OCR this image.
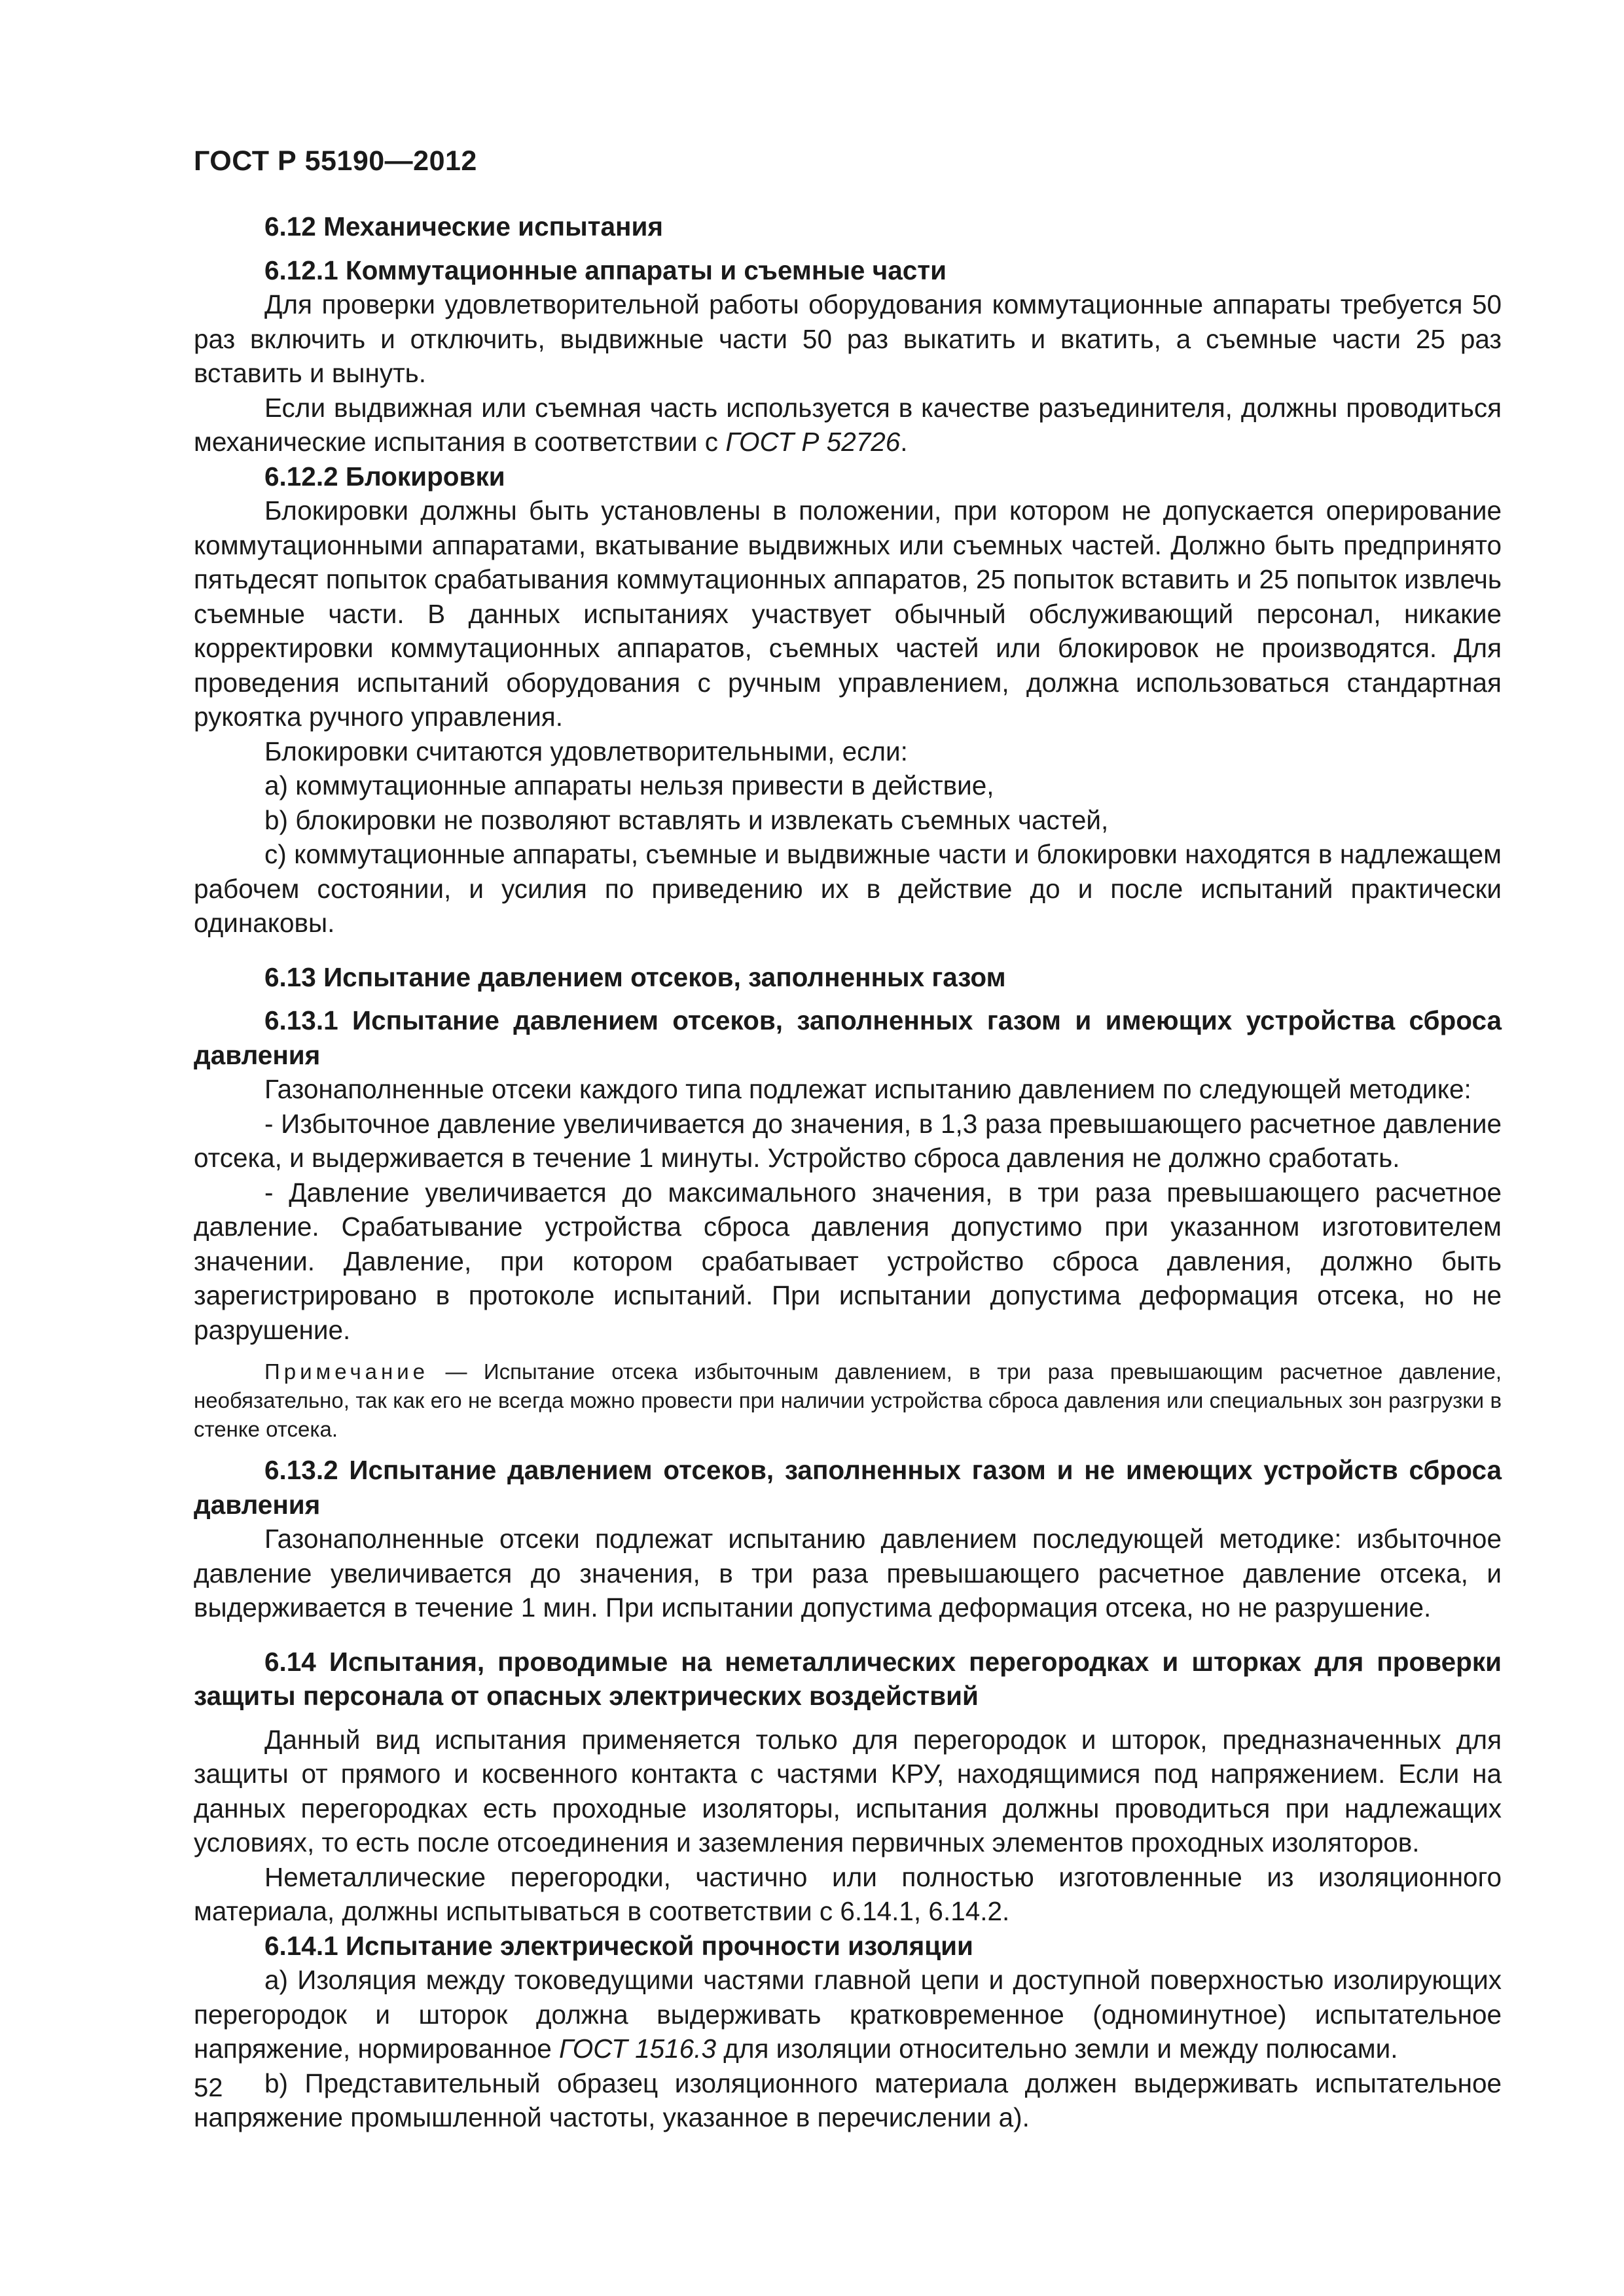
ГОСТ Р 55190—2012

6.12 Механические испытания

6.12.1 Коммутационные аппараты и съемные части

Для проверки удовлетворительной работы оборудования коммутационные аппараты требуется 50 раз включить и отключить, выдвижные части 50 раз выкатить и вкатить, а съемные части 25 раз вставить и вынуть.

Если выдвижная или съемная часть используется в качестве разъединителя, должны проводиться механические испытания в соответствии с ГОСТ Р 52726.

6.12.2 Блокировки

Блокировки должны быть установлены в положении, при котором не допускается оперирование коммутационными аппаратами, вкатывание выдвижных или съемных частей. Должно быть предпринято пятьдесят попыток срабатывания коммутационных аппаратов, 25 попыток вставить и 25 попыток извлечь съемные части. В данных испытаниях участвует обычный обслуживающий персонал, никакие корректировки коммутационных аппаратов, съемных частей или блокировок не производятся. Для проведения испытаний оборудования с ручным управлением, должна использоваться стандартная рукоятка ручного управления.

Блокировки считаются удовлетворительными, если:

a) коммутационные аппараты нельзя привести в действие,

b) блокировки не позволяют вставлять и извлекать съемных частей,

c) коммутационные аппараты, съемные и выдвижные части и блокировки находятся в надлежащем рабочем состоянии, и усилия по приведению их в действие до и после испытаний практически одинаковы.

6.13 Испытание давлением отсеков, заполненных газом

6.13.1 Испытание давлением отсеков, заполненных газом и имеющих устройства сброса давления

Газонаполненные отсеки каждого типа подлежат испытанию давлением по следующей методике:

- Избыточное давление увеличивается до значения, в 1,3 раза превышающего расчетное давление отсека, и выдерживается в течение 1 минуты. Устройство сброса давления не должно сработать.

- Давление увеличивается до максимального значения, в три раза превышающего расчетное давление. Срабатывание устройства сброса давления допустимо при указанном изготовителем значении. Давление, при котором срабатывает устройство сброса давления, должно быть зарегистрировано в протоколе испытаний. При испытании допустима деформация отсека, но не разрушение.

Примечание — Испытание отсека избыточным давлением, в три раза превышающим расчетное давление, необязательно, так как его не всегда можно провести при наличии устройства сброса давления или специальных зон разгрузки в стенке отсека.

6.13.2 Испытание давлением отсеков, заполненных газом и не имеющих устройств сброса давления

Газонаполненные отсеки подлежат испытанию давлением последующей методике: избыточное давление увеличивается до значения, в три раза превышающего расчетное давление отсека, и выдерживается в течение 1 мин. При испытании допустима деформация отсека, но не разрушение.

6.14 Испытания, проводимые на неметаллических перегородках и шторках для проверки защиты персонала от опасных электрических воздействий

Данный вид испытания применяется только для перегородок и шторок, предназначенных для защиты от прямого и косвенного контакта с частями КРУ, находящимися под напряжением. Если на данных перегородках есть проходные изоляторы, испытания должны проводиться при надлежащих условиях, то есть после отсоединения и заземления первичных элементов проходных изоляторов.

Неметаллические перегородки, частично или полностью изготовленные из изоляционного материала, должны испытываться в соответствии с 6.14.1, 6.14.2.

6.14.1 Испытание электрической прочности изоляции

a) Изоляция между токоведущими частями главной цепи и доступной поверхностью изолирующих перегородок и шторок должна выдерживать кратковременное (одноминутное) испытательное напряжение, нормированное ГОСТ 1516.3 для изоляции относительно земли и между полюсами.

b) Представительный образец изоляционного материала должен выдерживать испытательное напряжение промышленной частоты, указанное в перечислении a).

52
